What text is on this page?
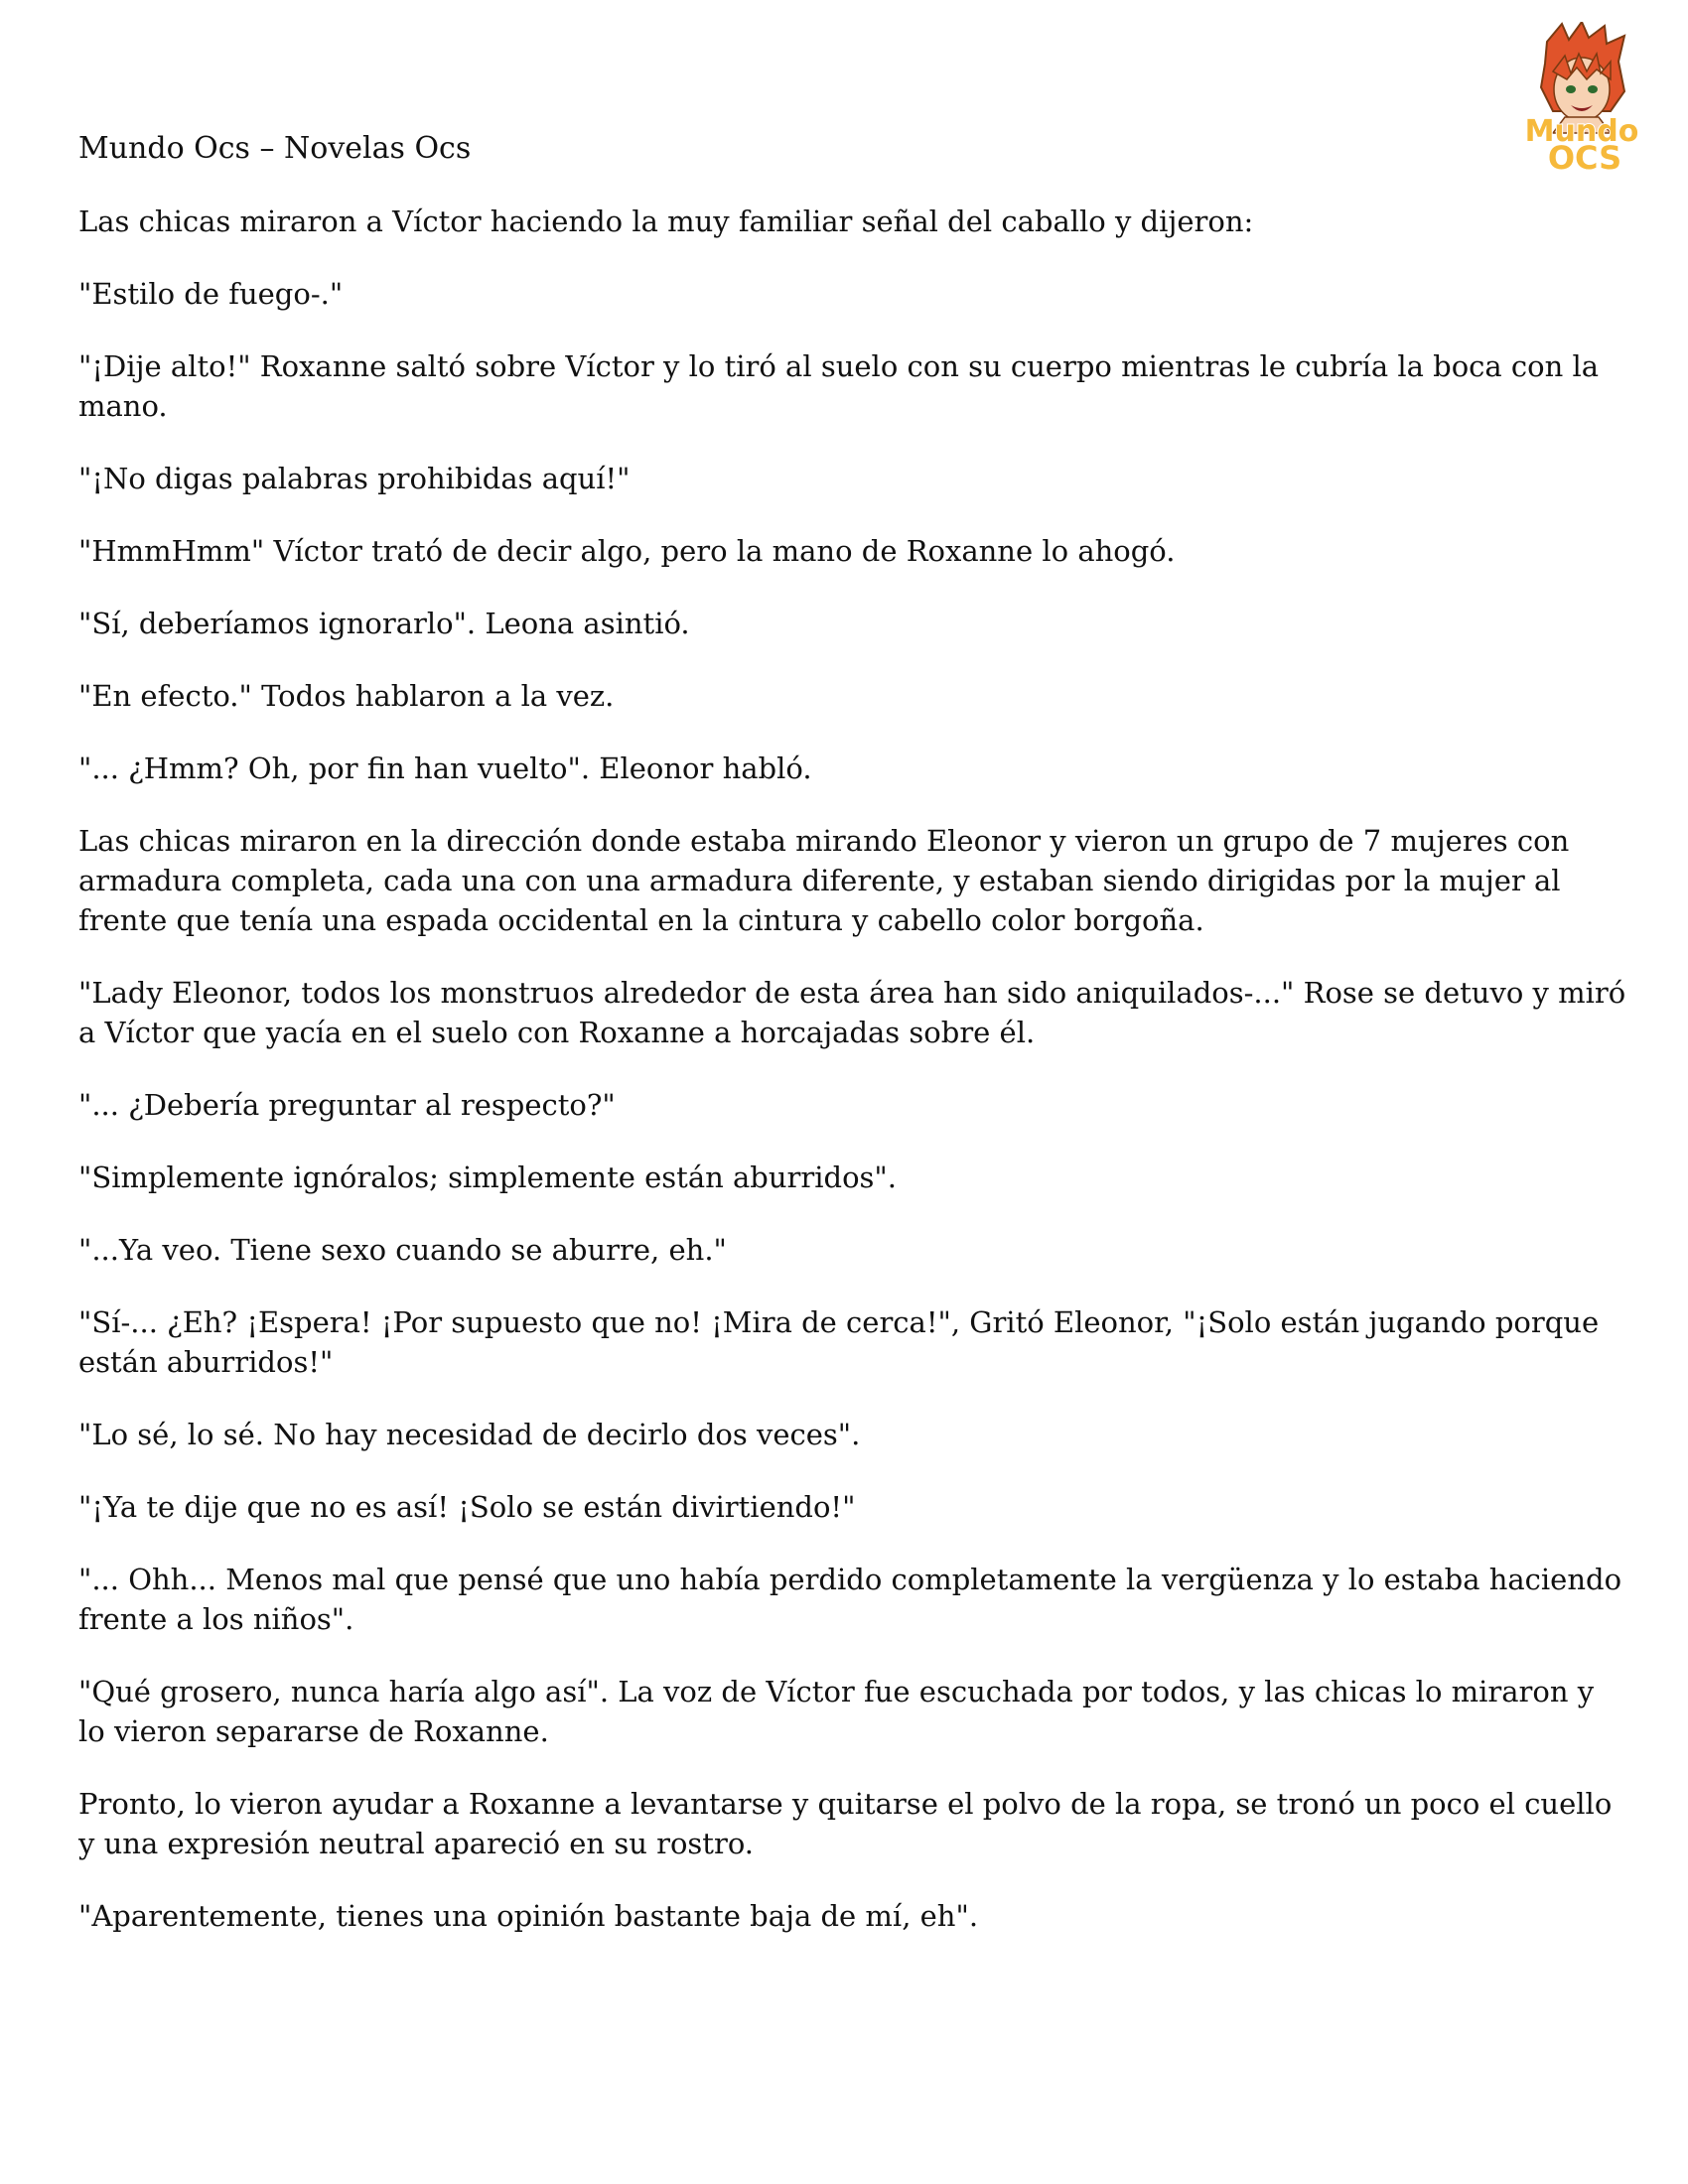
Mundo
OCS
Mundo Ocs – Novelas Ocs

Las chicas miraron a Víctor haciendo la muy familiar señal del caballo y dijeron:

"Estilo de fuego-."

"¡Dije alto!" Roxanne saltó sobre Víctor y lo tiró al suelo con su cuerpo mientras le cubría la boca con la mano.

"¡No digas palabras prohibidas aquí!"

"HmmHmm" Víctor trató de decir algo, pero la mano de Roxanne lo ahogó.

"Sí, deberíamos ignorarlo". Leona asintió.

"En efecto." Todos hablaron a la vez.

"... ¿Hmm? Oh, por fin han vuelto". Eleonor habló.

Las chicas miraron en la dirección donde estaba mirando Eleonor y vieron un grupo de 7 mujeres con armadura completa, cada una con una armadura diferente, y estaban siendo dirigidas por la mujer al frente que tenía una espada occidental en la cintura y cabello color borgoña.

"Lady Eleonor, todos los monstruos alrededor de esta área han sido aniquilados-..." Rose se detuvo y miró a Víctor que yacía en el suelo con Roxanne a horcajadas sobre él.

"... ¿Debería preguntar al respecto?"

"Simplemente ignóralos; simplemente están aburridos".

"...Ya veo. Tiene sexo cuando se aburre, eh."

"Sí-... ¿Eh? ¡Espera! ¡Por supuesto que no! ¡Mira de cerca!", Gritó Eleonor, "¡Solo están jugando porque están aburridos!"

"Lo sé, lo sé. No hay necesidad de decirlo dos veces".

"¡Ya te dije que no es así! ¡Solo se están divirtiendo!"

"... Ohh... Menos mal que pensé que uno había perdido completamente la vergüenza y lo estaba haciendo frente a los niños".

"Qué grosero, nunca haría algo así". La voz de Víctor fue escuchada por todos, y las chicas lo miraron y lo vieron separarse de Roxanne.

Pronto, lo vieron ayudar a Roxanne a levantarse y quitarse el polvo de la ropa, se tronó un poco el cuello y una expresión neutral apareció en su rostro.

"Aparentemente, tienes una opinión bastante baja de mí, eh".
